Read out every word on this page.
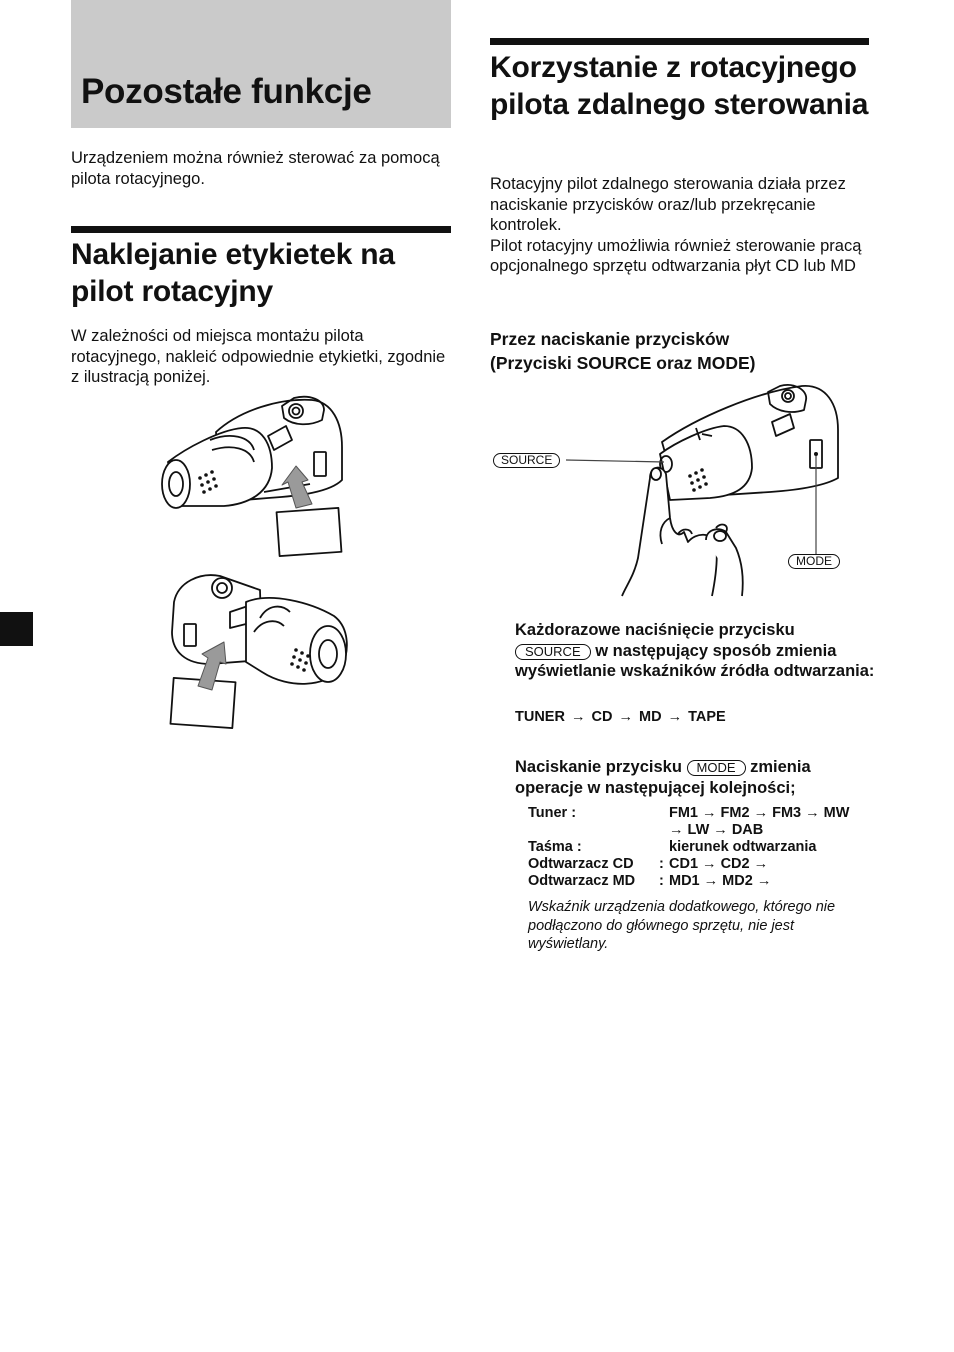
Pozostałe funkcje

Urządzeniem można również sterować za pomocą pilota rotacyjnego.

Naklejanie etykietek na pilot rotacyjny

W zależności od miejsca montażu pilota rotacyjnego, nakleić odpowiednie etykietki, zgodnie z ilustracją poniżej.

Korzystanie z rotacyjnego pilota zdalnego sterowania

Rotacyjny pilot zdalnego sterowania działa przez naciskanie przycisków oraz/lub przekręcanie kontrolek.
Pilot rotacyjny umożliwia również sterowanie pracą opcjonalnego sprzętu odtwarzania płyt CD lub MD

Przez naciskanie przycisków
(Przyciski SOURCE oraz MODE)

SOURCE
MODE

Każdorazowe naciśnięcie przycisku
SOURCE w następujący sposób zmienia wyświetlanie wskaźników źródła odtwarzania:

TUNER → CD → MD → TAPE

Naciskanie przycisku MODE zmienia operacje w następującej kolejności;

Tuner :		FM1 → FM2 → FM3 → MW → LW → DAB
Taśma :		kierunek odtwarzania
Odtwarzacz CD	:	CD1 → CD2 →
Odtwarzacz MD	:	MD1 → MD2 →

Wskaźnik urządzenia dodatkowego, którego nie podłączono do głównego sprzętu, nie jest wyświetlany.
